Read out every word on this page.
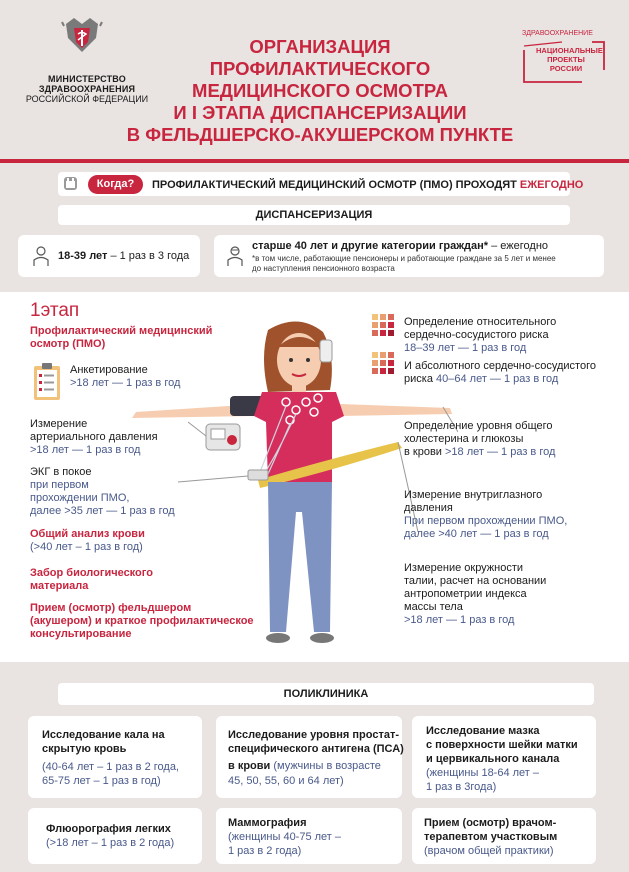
МИНИСТЕРСТВО
ЗДРАВООХРАНЕНИЯ
РОССИЙСКОЙ ФЕДЕРАЦИИ
ОРГАНИЗАЦИЯ
ПРОФИЛАКТИЧЕСКОГО
МЕДИЦИНСКОГО ОСМОТРА
И I ЭТАПА ДИСПАНСЕРИЗАЦИИ
В ФЕЛЬДШЕРСКО-АКУШЕРСКОМ ПУНКТЕ
ЗДРАВООХРАНЕНИЕ
НАЦИОНАЛЬНЫЕ
ПРОЕКТЫ
РОССИИ
Когда?	ПРОФИЛАКТИЧЕСКИЙ МЕДИЦИНСКИЙ ОСМОТР (ПМО) ПРОХОДЯТ ЕЖЕГОДНО
ДИСПАНСЕРИЗАЦИЯ
18-39 лет – 1 раз в 3 года
старше 40 лет и другие категории граждан* – ежегодно
*в том числе, работающие пенсионеры и работающие граждане за 5 лет и менее
до наступления пенсионного возраста
1этап
Профилактический медицинский
осмотр (ПМО)
Анкетирование
>18 лет — 1 раз в год
Измерение
артериального давления
>18 лет — 1 раз в год
ЭКГ в покое
при первом
прохождении ПМО,
далее >35 лет — 1 раз в год
Общий анализ крови
(>40 лет – 1 раз в год)
Забор биологического
материала
Прием (осмотр) фельдшером
(акушером) и краткое профилактическое
консультирование
Определение относительного
сердечно-сосудистого риска
18–39 лет — 1 раз в год
И абсолютного сердечно-сосудистого
риска 40–64 лет — 1 раз в год
Определение уровня общего
холестерина и глюкозы
в крови >18 лет — 1 раз в год
Измерение внутриглазного
давления
При первом прохождении ПМО,
далее >40 лет — 1 раз в год
Измерение окружности
талии, расчет на основании
антропометрии индекса
массы тела
>18 лет — 1 раз в год
ПОЛИКЛИНИКА
Исследование кала на
скрытую кровь
(40-64 лет – 1 раз в 2 года,
65-75 лет – 1 раз в год)
Исследование уровня простат-
специфического антигена (ПСА)
в крови (мужчины в возрасте
45, 50, 55, 60 и 64 лет)
Исследование мазка
с поверхности шейки матки
и цервикального канала
(женщины 18-64 лет –
1 раз в 3года)
Флюорография легких
(>18 лет – 1 раз в 2 года)
Маммография
(женщины 40-75 лет –
1 раз в 2 года)
Прием (осмотр) врачом-
терапевтом участковым
(врачом общей практики)
